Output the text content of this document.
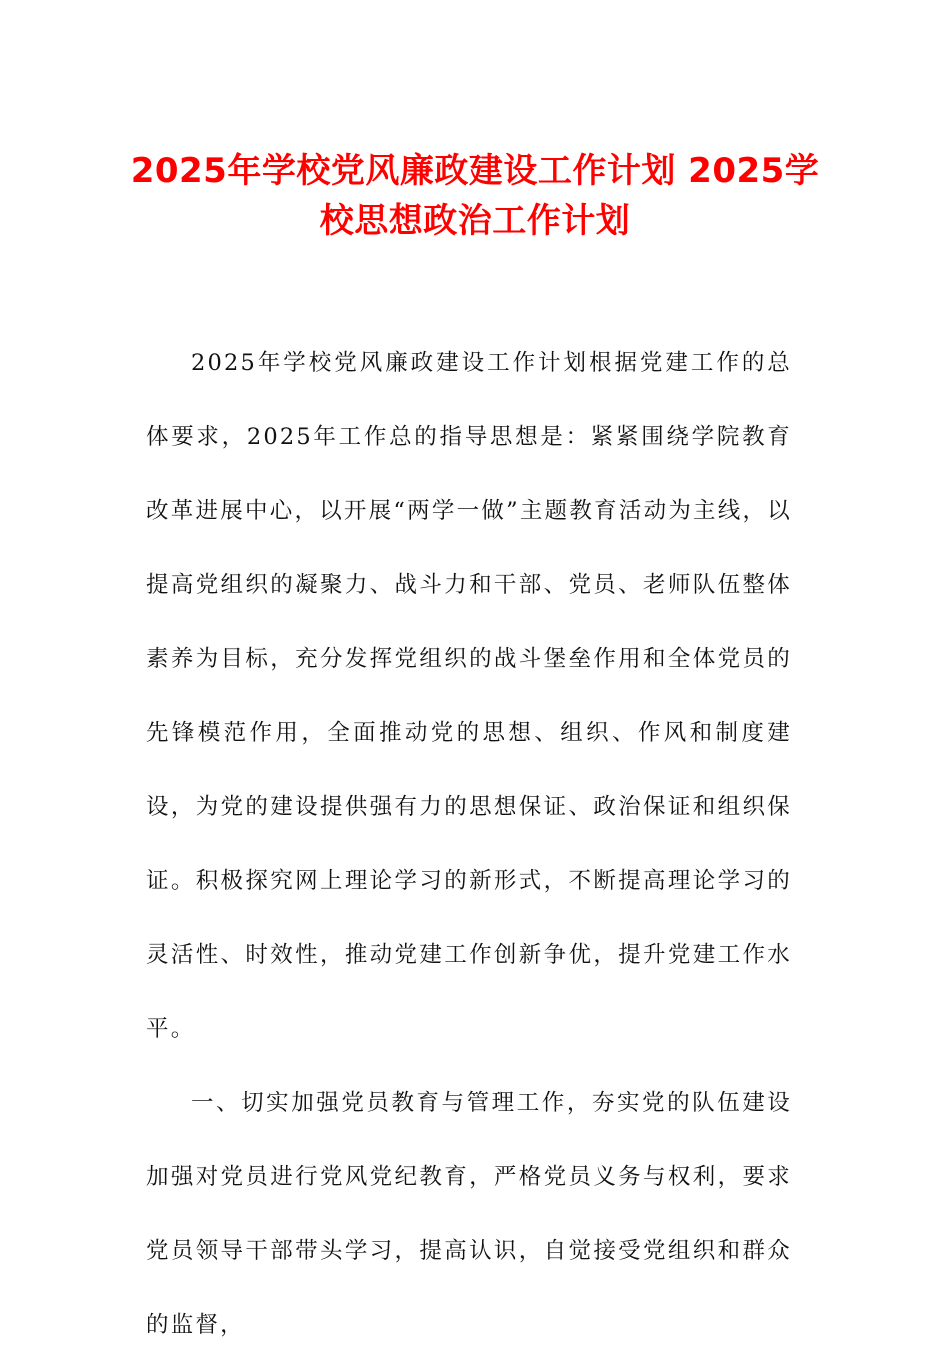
2025年学校党风廉政建设工作计划 2025学校思想政治工作计划

2025年学校党风廉政建设工作计划根据党建工作的总体要求，2025年工作总的指导思想是：紧紧围绕学院教育改革进展中心，以开展“两学一做”主题教育活动为主线，以提高党组织的凝聚力、战斗力和干部、党员、老师队伍整体素养为目标，充分发挥党组织的战斗堡垒作用和全体党员的先锋模范作用，全面推动党的思想、组织、作风和制度建设，为党的建设提供强有力的思想保证、政治保证和组织保证。积极探究网上理论学习的新形式，不断提高理论学习的灵活性、时效性，推动党建工作创新争优，提升党建工作水平。

一、切实加强党员教育与管理工作，夯实党的队伍建设加强对党员进行党风党纪教育，严格党员义务与权利，要求党员领导干部带头学习，提高认识，自觉接受党组织和群众的监督，
